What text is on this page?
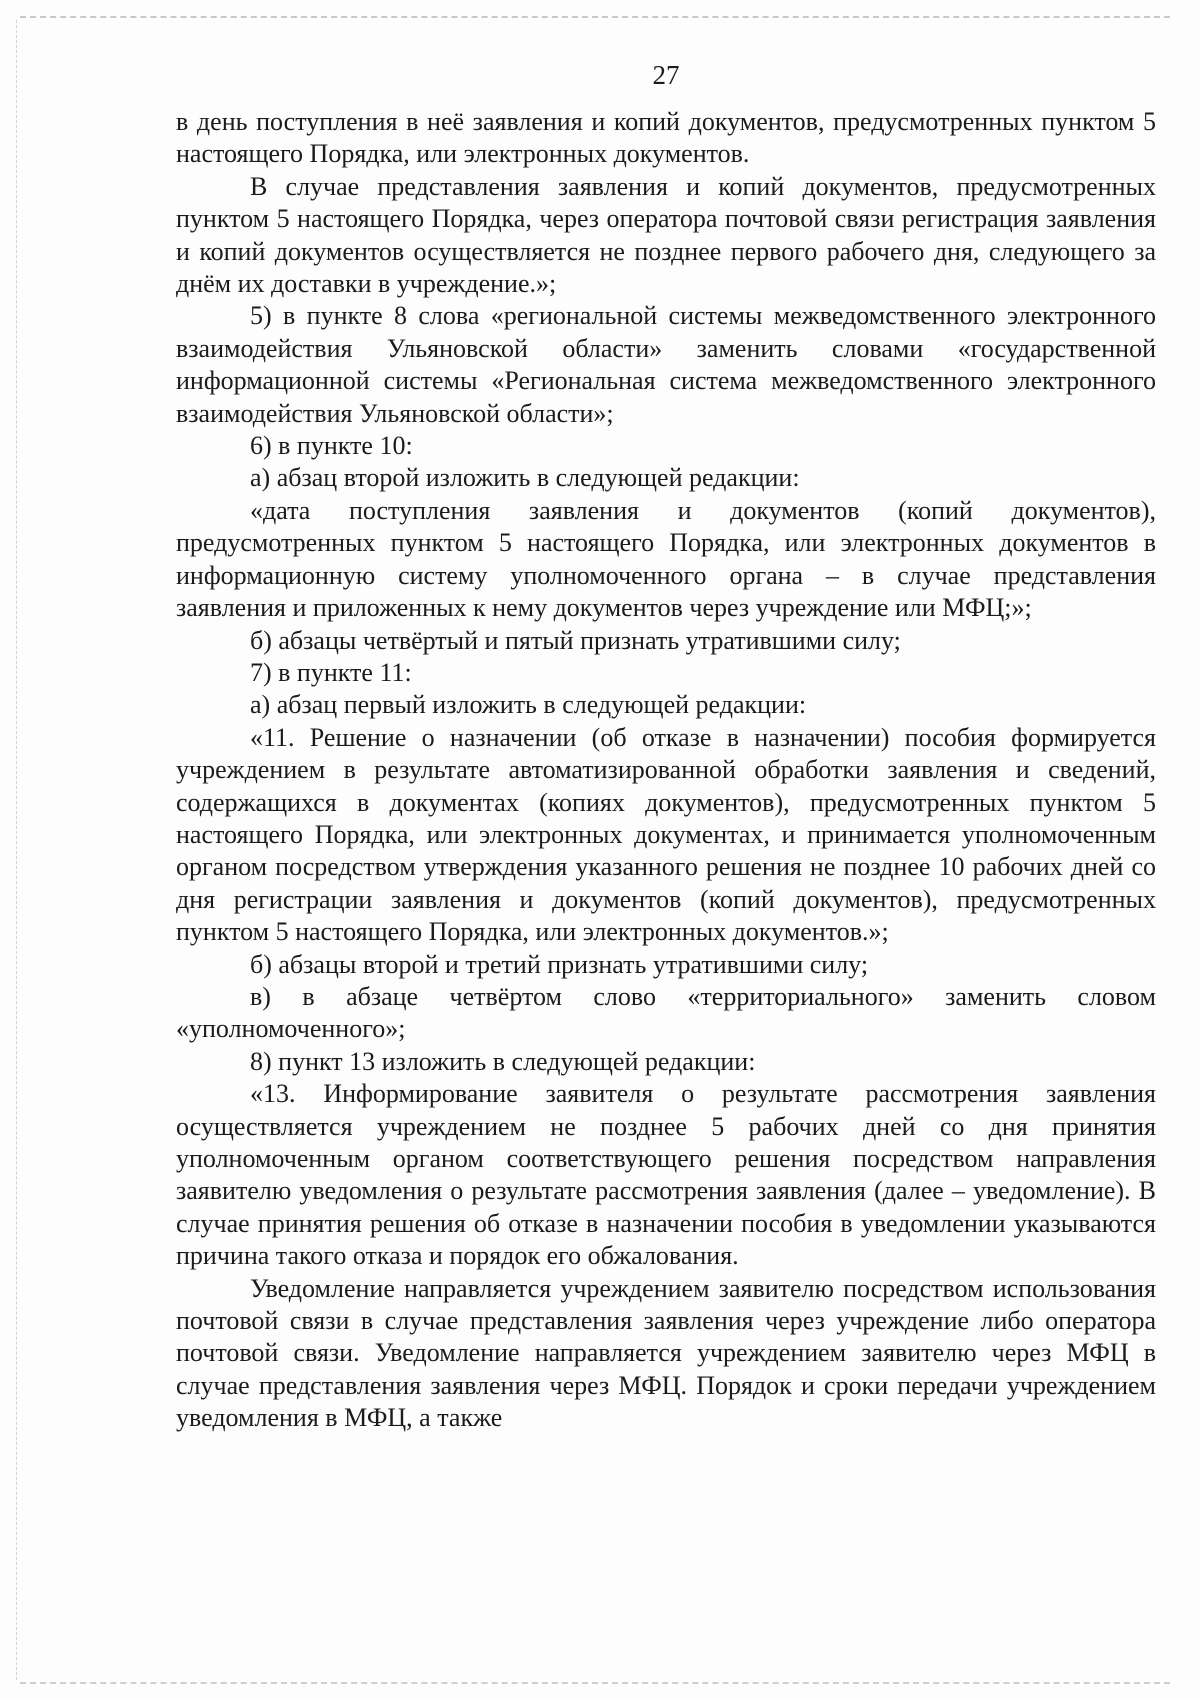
27

в день поступления в неё заявления и копий документов, предусмотренных пунктом 5 настоящего Порядка, или электронных документов.

В случае представления заявления и копий документов, предусмотренных пунктом 5 настоящего Порядка, через оператора почтовой связи регистрация заявления и копий документов осуществляется не позднее первого рабочего дня, следующего за днём их доставки в учреждение.»;

5) в пункте 8 слова «региональной системы межведомственного электронного взаимодействия Ульяновской области» заменить словами «государственной информационной системы «Региональная система межведомственного электронного взаимодействия Ульяновской области»;

6) в пункте 10:

а) абзац второй изложить в следующей редакции:

«дата поступления заявления и документов (копий документов), предусмотренных пунктом 5 настоящего Порядка, или электронных документов в информационную систему уполномоченного органа – в случае представления заявления и приложенных к нему документов через учреждение или МФЦ;»;

б) абзацы четвёртый и пятый признать утратившими силу;

7) в пункте 11:

а) абзац первый изложить в следующей редакции:

«11. Решение о назначении (об отказе в назначении) пособия формируется учреждением в результате автоматизированной обработки заявления и сведений, содержащихся в документах (копиях документов), предусмотренных пунктом 5 настоящего Порядка, или электронных документах, и принимается уполномоченным органом посредством утверждения указанного решения не позднее 10 рабочих дней со дня регистрации заявления и документов (копий документов), предусмотренных пунктом 5 настоящего Порядка, или электронных документов.»;

б) абзацы второй и третий признать утратившими силу;

в) в абзаце четвёртом слово «территориального» заменить словом «уполномоченного»;

8) пункт 13 изложить в следующей редакции:

«13. Информирование заявителя о результате рассмотрения заявления осуществляется учреждением не позднее 5 рабочих дней со дня принятия уполномоченным органом соответствующего решения посредством направления заявителю уведомления о результате рассмотрения заявления (далее – уведомление). В случае принятия решения об отказе в назначении пособия в уведомлении указываются причина такого отказа и порядок его обжалования.

Уведомление направляется учреждением заявителю посредством использования почтовой связи в случае представления заявления через учреждение либо оператора почтовой связи. Уведомление направляется учреждением заявителю через МФЦ в случае представления заявления через МФЦ. Порядок и сроки передачи учреждением уведомления в МФЦ, а также
